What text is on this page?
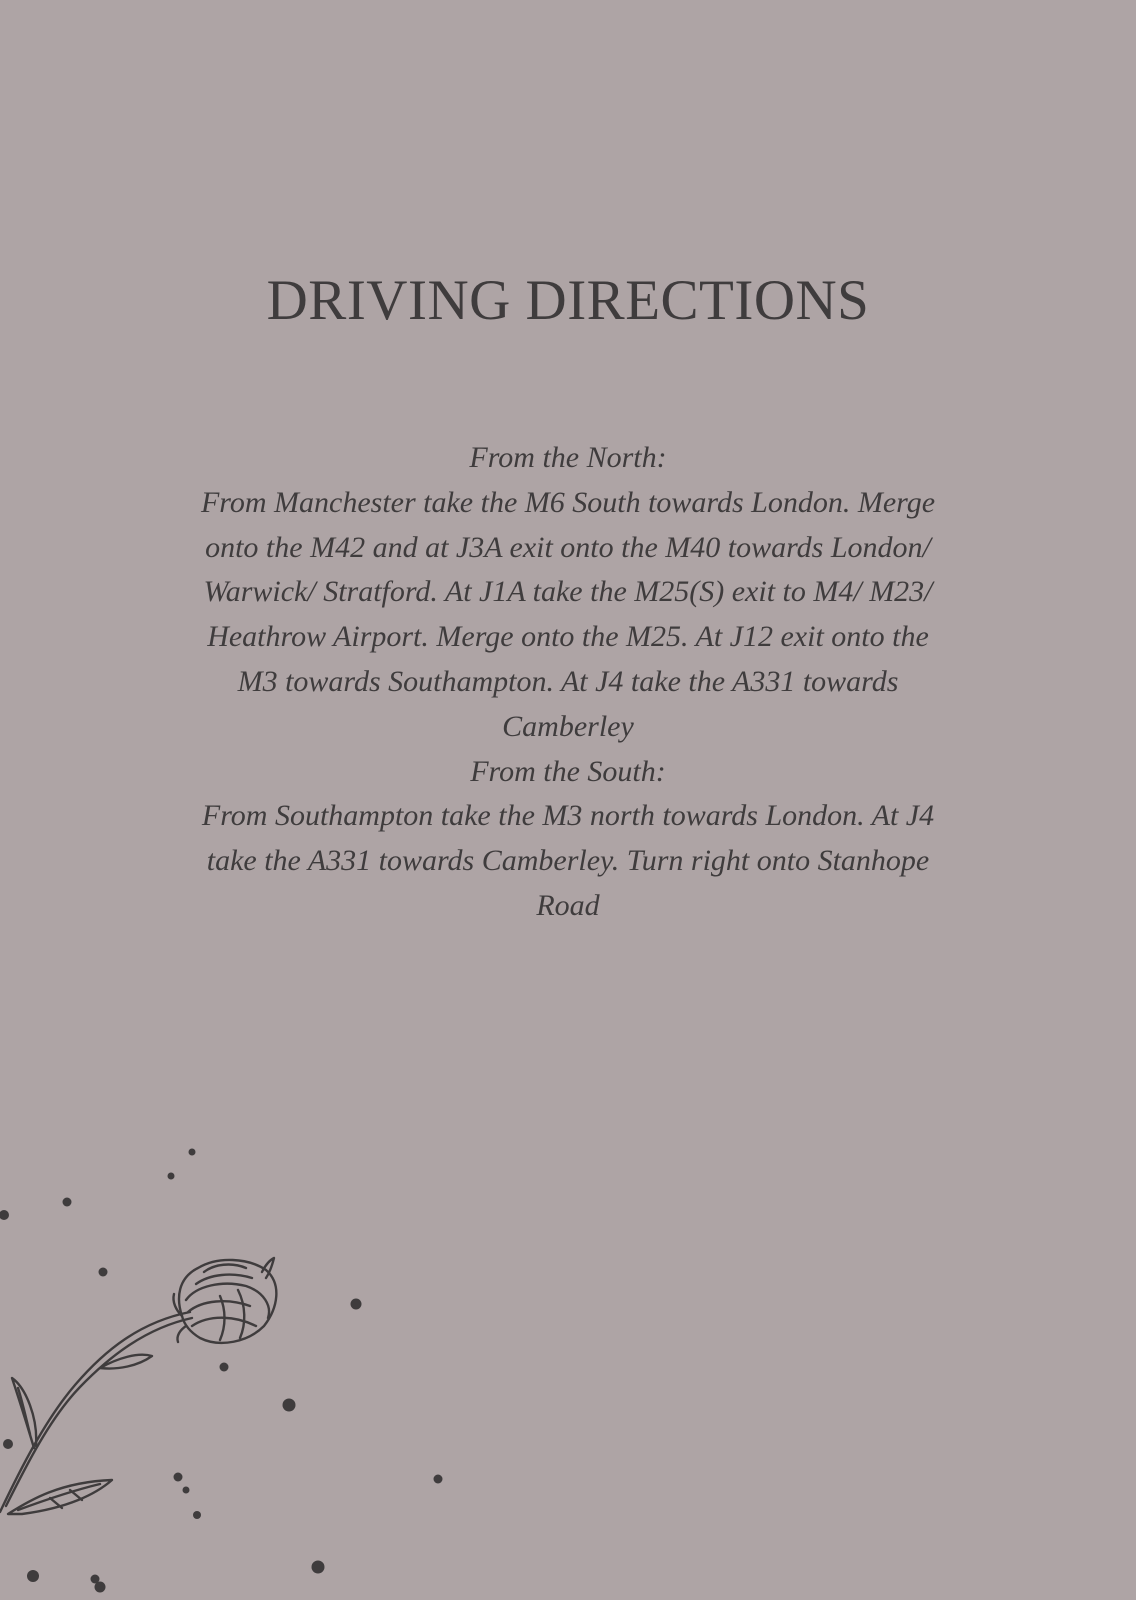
DRIVING DIRECTIONS

From the North:

From Manchester take the M6 South towards London. Merge onto the M42 and at J3A exit onto the M40 towards London/ Warwick/ Stratford. At J1A take the M25(S) exit to M4/ M23/ Heathrow Airport. Merge onto the M25. At J12 exit onto the M3 towards Southampton. At J4 take the A331 towards Camberley

From the South:

From Southampton take the M3 north towards London. At J4 take the A331 towards Camberley. Turn right onto Stanhope Road
